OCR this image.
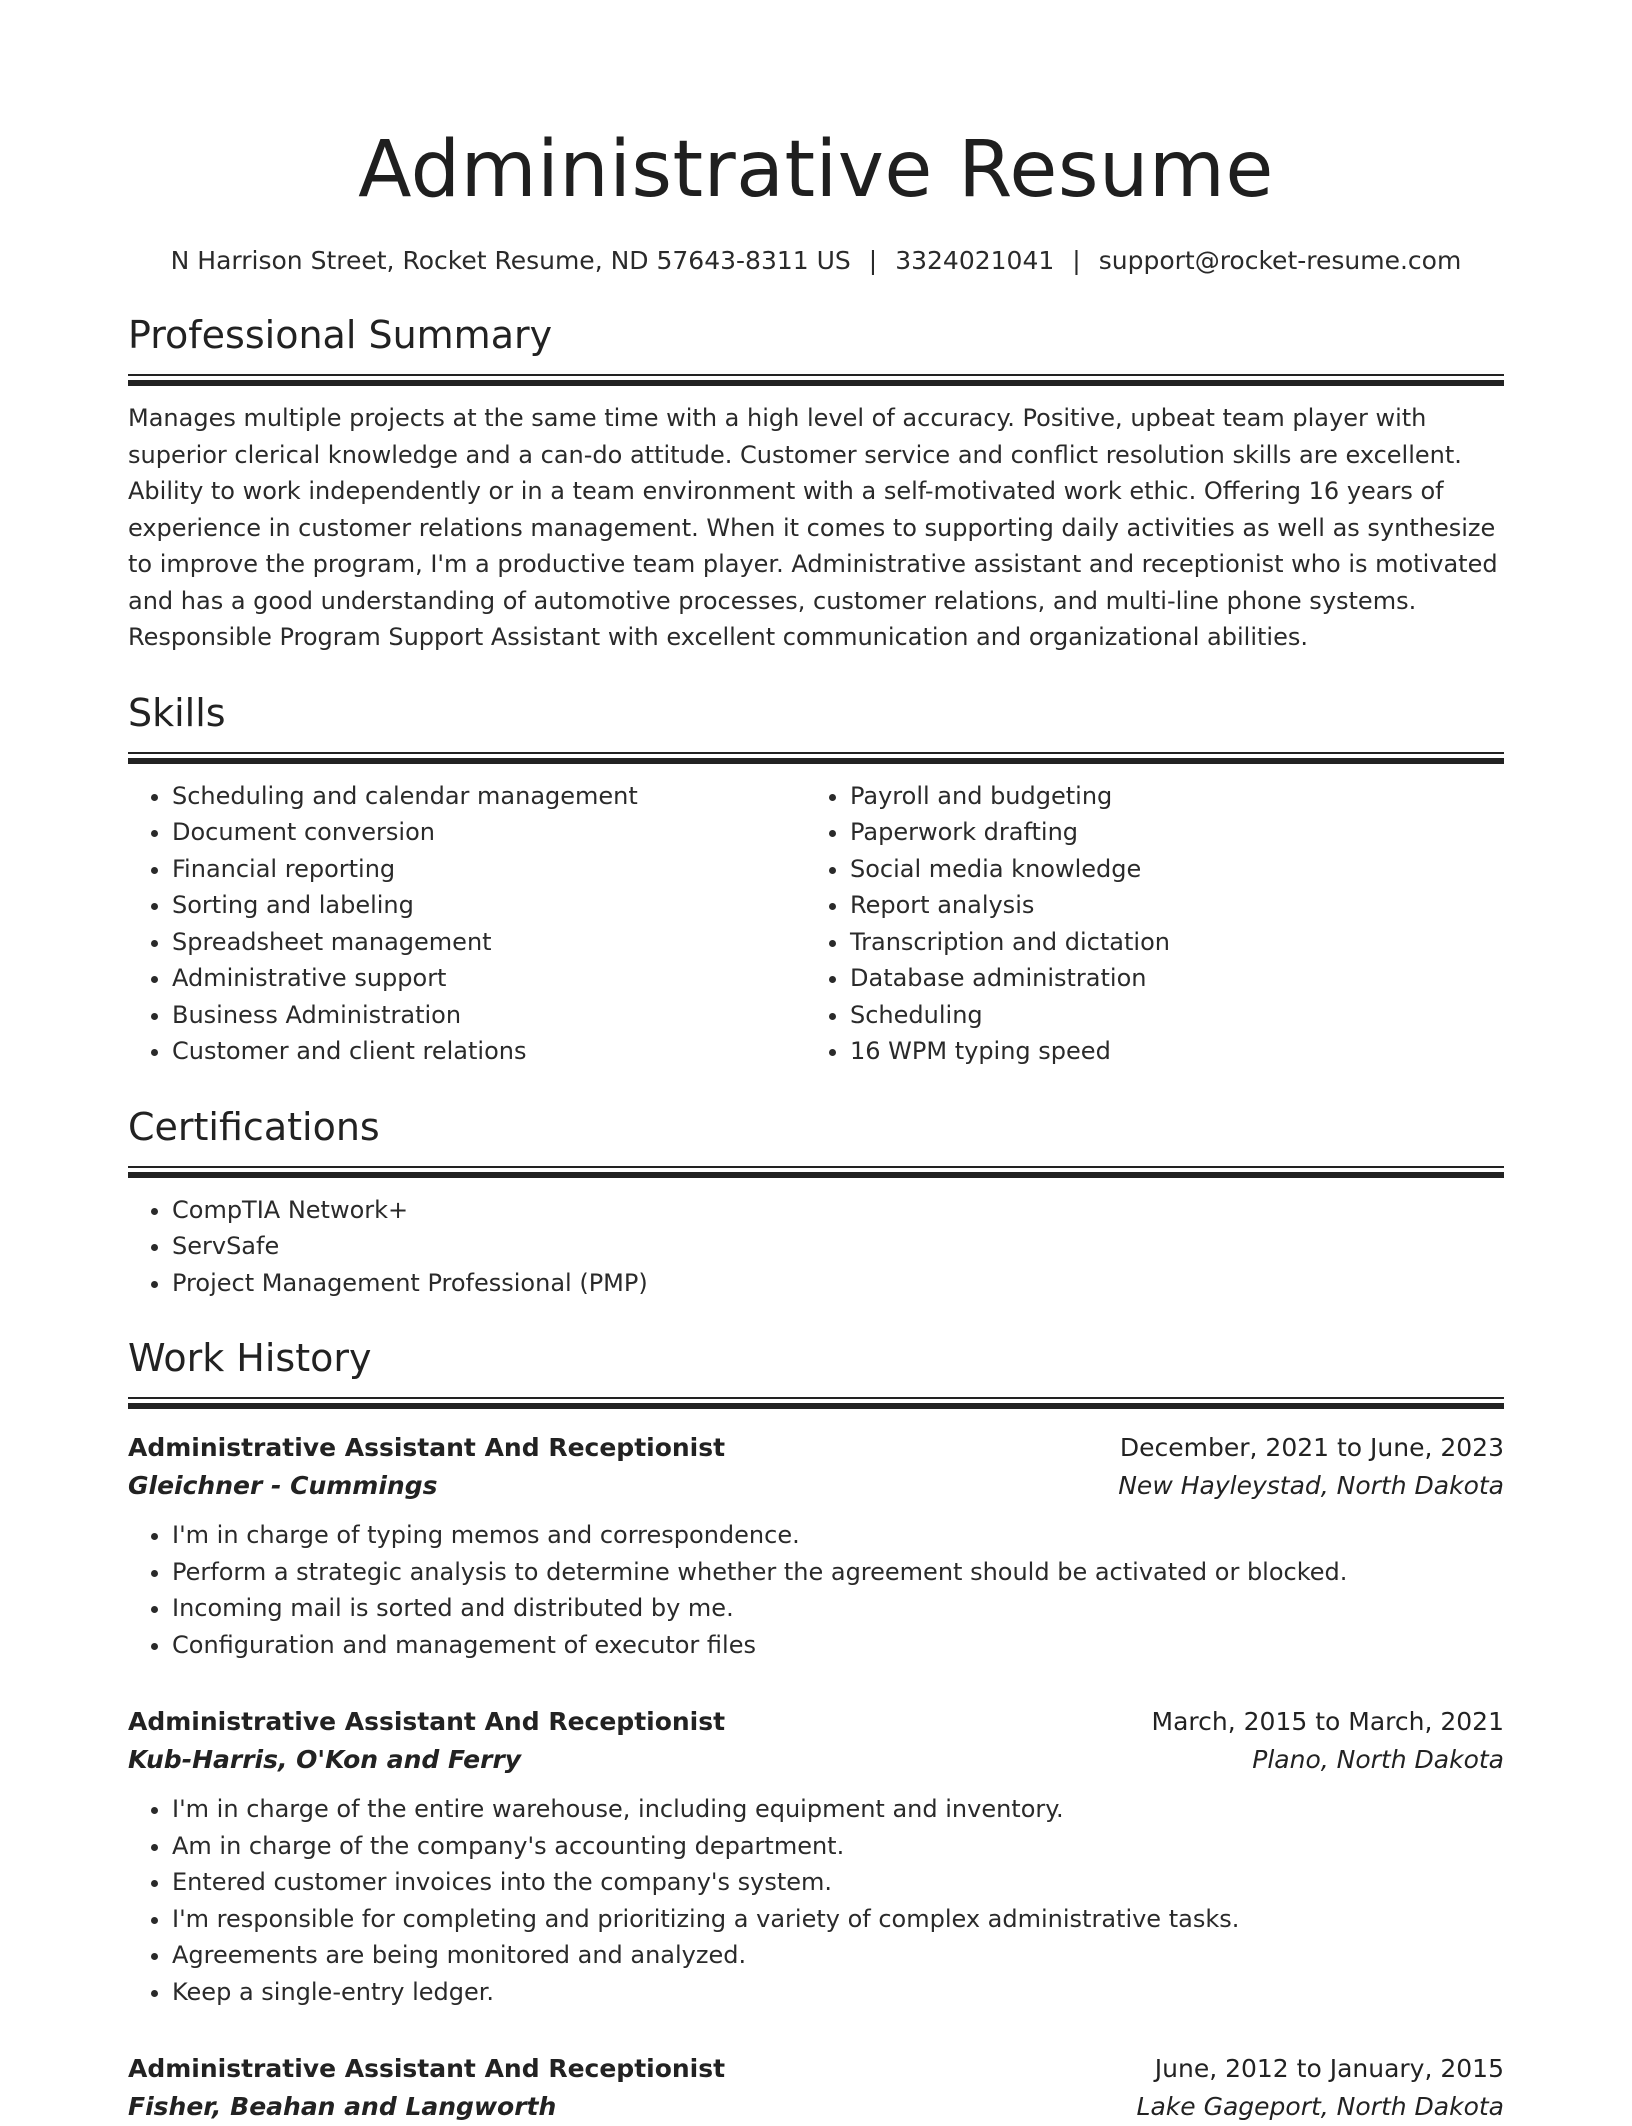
Administrative Resume
N Harrison Street, Rocket Resume, ND 57643-8311 US | 3324021041 | support@rocket-resume.com
Professional Summary
Manages multiple projects at the same time with a high level of accuracy. Positive, upbeat team player with superior clerical knowledge and a can-do attitude. Customer service and conflict resolution skills are excellent. Ability to work independently or in a team environment with a self-motivated work ethic. Offering 16 years of experience in customer relations management. When it comes to supporting daily activities as well as synthesize to improve the program, I'm a productive team player. Administrative assistant and receptionist who is motivated and has a good understanding of automotive processes, customer relations, and multi-line phone systems. Responsible Program Support Assistant with excellent communication and organizational abilities.
Skills
• Scheduling and calendar management
• Document conversion
• Financial reporting
• Sorting and labeling
• Spreadsheet management
• Administrative support
• Business Administration
• Customer and client relations
• Payroll and budgeting
• Paperwork drafting
• Social media knowledge
• Report analysis
• Transcription and dictation
• Database administration
• Scheduling
• 16 WPM typing speed
Certifications
• CompTIA Network+
• ServSafe
• Project Management Professional (PMP)
Work History
Administrative Assistant And Receptionist	December, 2021 to June, 2023
Gleichner - Cummings	New Hayleystad, North Dakota
• I'm in charge of typing memos and correspondence.
• Perform a strategic analysis to determine whether the agreement should be activated or blocked.
• Incoming mail is sorted and distributed by me.
• Configuration and management of executor files
Administrative Assistant And Receptionist	March, 2015 to March, 2021
Kub-Harris, O'Kon and Ferry	Plano, North Dakota
• I'm in charge of the entire warehouse, including equipment and inventory.
• Am in charge of the company's accounting department.
• Entered customer invoices into the company's system.
• I'm responsible for completing and prioritizing a variety of complex administrative tasks.
• Agreements are being monitored and analyzed.
• Keep a single-entry ledger.
Administrative Assistant And Receptionist	June, 2012 to January, 2015
Fisher, Beahan and Langworth	Lake Gageport, North Dakota
